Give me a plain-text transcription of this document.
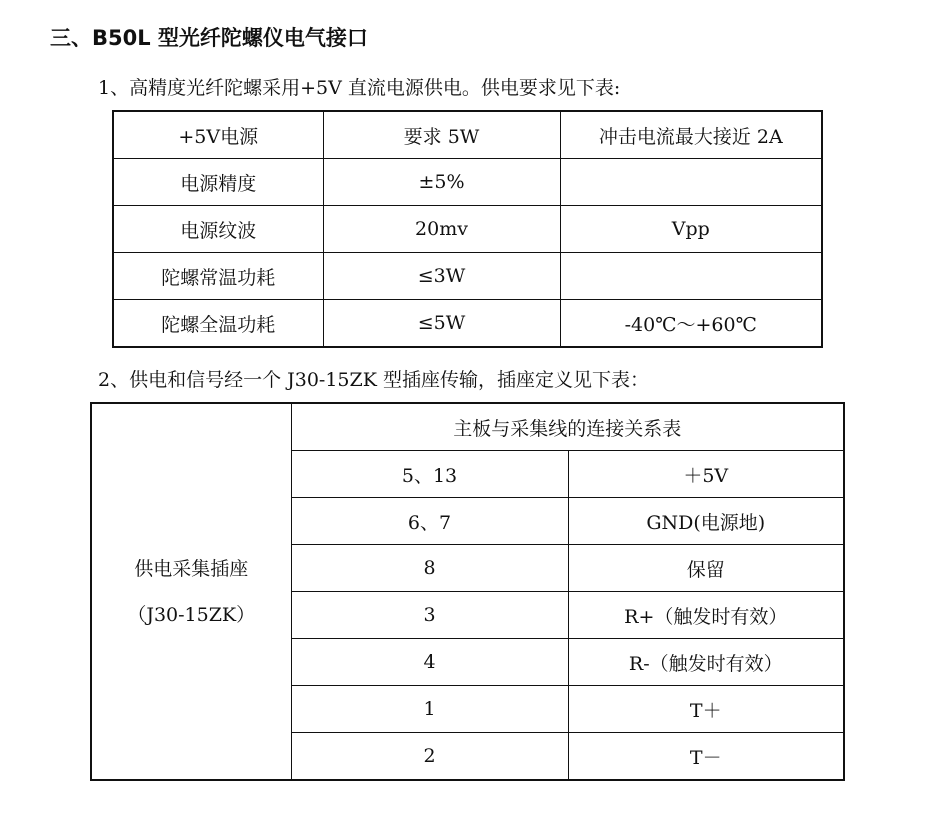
三、B50L 型光纤陀螺仪电气接口
1、高精度光纤陀螺采用+5V 直流电源供电。供电要求见下表:
+5V电源	要求 5W	冲击电流最大接近 2A
电源精度	±5%	
电源纹波	20mv	Vpp
陀螺常温功耗	≤3W	
陀螺全温功耗	≤5W	-40℃～+60℃
2、供电和信号经一个 J30-15ZK 型插座传输，插座定义见下表：
供电采集插座
（J30-15ZK）	主板与采集线的连接关系表	
	5、13	＋5V
	6、7	GND(电源地)
	8	保留
	3	R+（触发时有效）
	4	R-（触发时有效）
	1	T＋
	2	T－
